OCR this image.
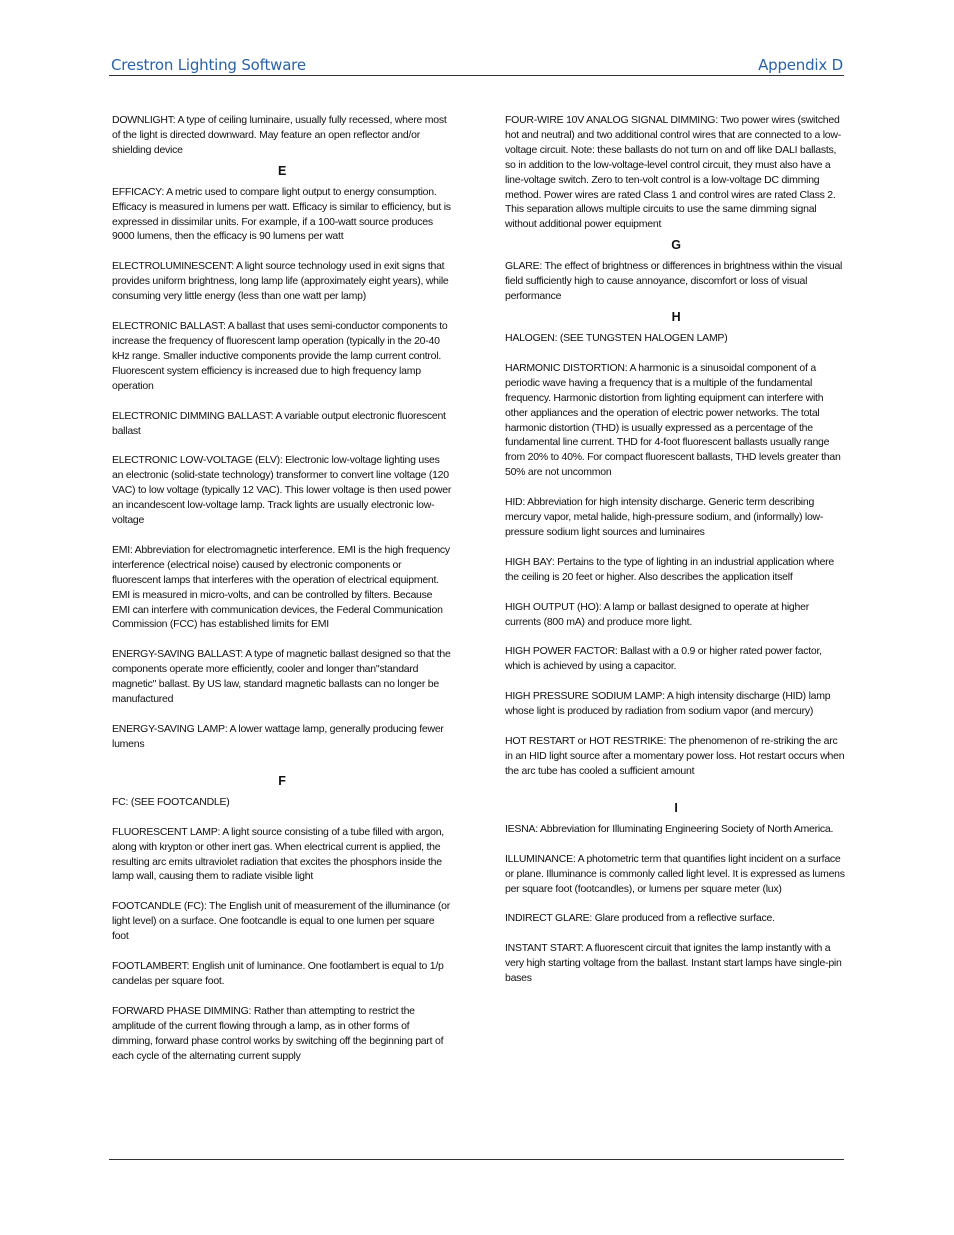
Crestron Lighting Software	Appendix D

DOWNLIGHT: A type of ceiling luminaire, usually fully recessed, where most of the light is directed downward. May feature an open reflector and/or shielding device

E

EFFICACY: A metric used to compare light output to energy consumption. Efficacy is measured in lumens per watt. Efficacy is similar to efficiency, but is expressed in dissimilar units. For example, if a 100-watt source produces 9000 lumens, then the efficacy is 90 lumens per watt

ELECTROLUMINESCENT: A light source technology used in exit signs that provides uniform brightness, long lamp life (approximately eight years), while consuming very little energy (less than one watt per lamp)

ELECTRONIC BALLAST: A ballast that uses semi-conductor components to increase the frequency of fluorescent lamp operation (typically in the 20-40 kHz range. Smaller inductive components provide the lamp current control. Fluorescent system efficiency is increased due to high frequency lamp operation

ELECTRONIC DIMMING BALLAST: A variable output electronic fluorescent ballast

ELECTRONIC LOW-VOLTAGE (ELV): Electronic low-voltage lighting uses an electronic (solid-state technology) transformer to convert line voltage (120 VAC) to low voltage (typically 12 VAC). This lower voltage is then used power an incandescent low-voltage lamp. Track lights are usually electronic low-voltage

EMI: Abbreviation for electromagnetic interference. EMI is the high frequency interference (electrical noise) caused by electronic components or fluorescent lamps that interferes with the operation of electrical equipment. EMI is measured in micro-volts, and can be controlled by filters. Because EMI can interfere with communication devices, the Federal Communication Commission (FCC) has established limits for EMI

ENERGY-SAVING BALLAST: A type of magnetic ballast designed so that the components operate more efficiently, cooler and longer than"standard magnetic" ballast. By US law, standard magnetic ballasts can no longer be manufactured

ENERGY-SAVING LAMP: A lower wattage lamp, generally producing fewer lumens

F

FC: (SEE FOOTCANDLE)

FLUORESCENT LAMP: A light source consisting of a tube filled with argon, along with krypton or other inert gas. When electrical current is applied, the resulting arc emits ultraviolet radiation that excites the phosphors inside the lamp wall, causing them to radiate visible light

FOOTCANDLE (FC): The English unit of measurement of the illuminance (or light level) on a surface. One footcandle is equal to one lumen per square foot

FOOTLAMBERT: English unit of luminance. One footlambert is equal to 1/p candelas per square foot.

FORWARD PHASE DIMMING: Rather than attempting to restrict the amplitude of the current flowing through a lamp, as in other forms of dimming, forward phase control works by switching off the beginning part of each cycle of the alternating current supply

FOUR-WIRE 10V ANALOG SIGNAL DIMMING: Two power wires (switched hot and neutral) and two additional control wires that are connected to a low-voltage circuit. Note: these ballasts do not turn on and off like DALI ballasts, so in addition to the low-voltage-level control circuit, they must also have a line-voltage switch. Zero to ten-volt control is a low-voltage DC dimming method. Power wires are rated Class 1 and control wires are rated Class 2. This separation allows multiple circuits to use the same dimming signal without additional power equipment

G

GLARE: The effect of brightness or differences in brightness within the visual field sufficiently high to cause annoyance, discomfort or loss of visual performance

H

HALOGEN: (SEE TUNGSTEN HALOGEN LAMP)

HARMONIC DISTORTION: A harmonic is a sinusoidal component of a periodic wave having a frequency that is a multiple of the fundamental frequency. Harmonic distortion from lighting equipment can interfere with other appliances and the operation of electric power networks. The total harmonic distortion (THD) is usually expressed as a percentage of the fundamental line current. THD for 4-foot fluorescent ballasts usually range from 20% to 40%. For compact fluorescent ballasts, THD levels greater than 50% are not uncommon

HID: Abbreviation for high intensity discharge. Generic term describing mercury vapor, metal halide, high-pressure sodium, and (informally) low-pressure sodium light sources and luminaires

HIGH BAY: Pertains to the type of lighting in an industrial application where the ceiling is 20 feet or higher. Also describes the application itself

HIGH OUTPUT (HO): A lamp or ballast designed to operate at higher currents (800 mA) and produce more light.

HIGH POWER FACTOR: Ballast with a 0.9 or higher rated power factor, which is achieved by using a capacitor.

HIGH PRESSURE SODIUM LAMP: A high intensity discharge (HID) lamp whose light is produced by radiation from sodium vapor (and mercury)

HOT RESTART or HOT RESTRIKE: The phenomenon of re-striking the arc in an HID light source after a momentary power loss. Hot restart occurs when the arc tube has cooled a sufficient amount

I

IESNA: Abbreviation for Illuminating Engineering Society of North America.

ILLUMINANCE: A photometric term that quantifies light incident on a surface or plane. Illuminance is commonly called light level. It is expressed as lumens per square foot (footcandles), or lumens per square meter (lux)

INDIRECT GLARE: Glare produced from a reflective surface.

INSTANT START: A fluorescent circuit that ignites the lamp instantly with a very high starting voltage from the ballast. Instant start lamps have single-pin bases
